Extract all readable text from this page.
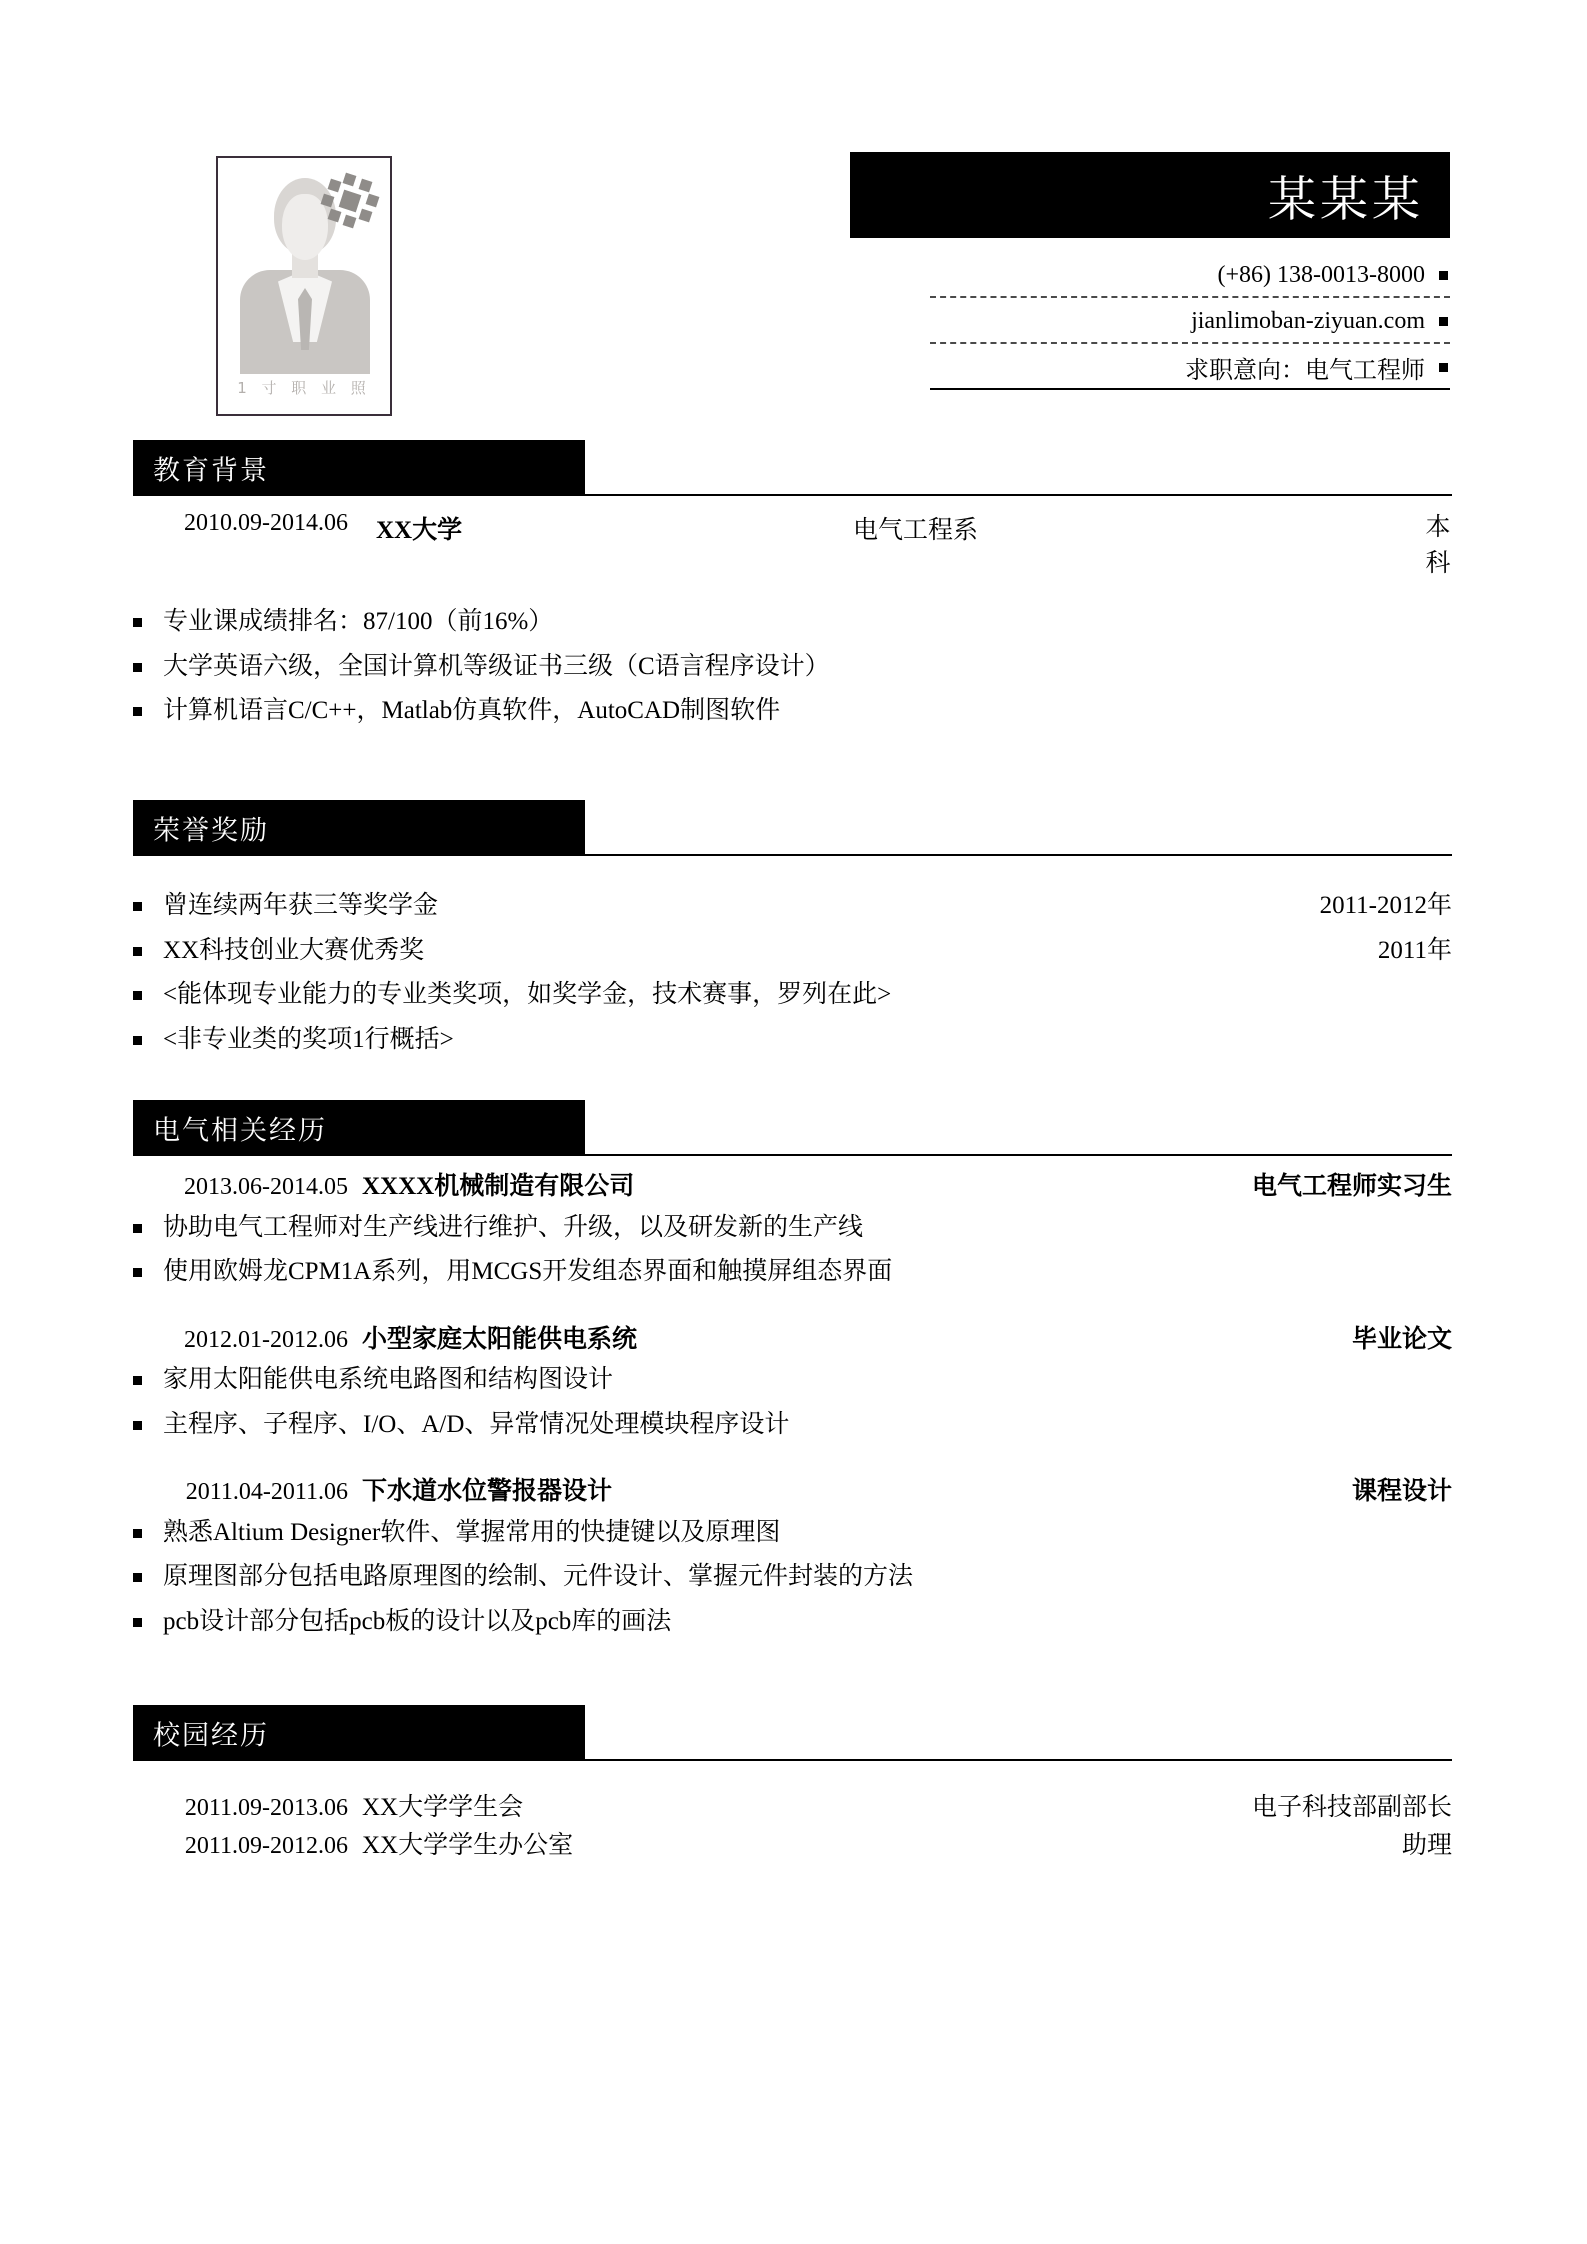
1 寸 职 业 照
某某某
(+86) 138-0013-8000
jianlimoban-ziyuan.com
求职意向：电气工程师
教育背景
2010.09-2014.06	XX大学	电气工程系	本科
专业课成绩排名：87/100（前16%）
大学英语六级，全国计算机等级证书三级（C语言程序设计）
计算机语言C/C++，Matlab仿真软件，AutoCAD制图软件
荣誉奖励
曾连续两年获三等奖学金	2011-2012年
XX科技创业大赛优秀奖	2011年
<能体现专业能力的专业类奖项，如奖学金，技术赛事，罗列在此>
<非专业类的奖项1行概括>
电气相关经历
2013.06-2014.05 XXXX机械制造有限公司	电气工程师实习生
协助电气工程师对生产线进行维护、升级，以及研发新的生产线
使用欧姆龙CPM1A系列，用MCGS开发组态界面和触摸屏组态界面
2012.01-2012.06 小型家庭太阳能供电系统	毕业论文
家用太阳能供电系统电路图和结构图设计
主程序、子程序、I/O、A/D、异常情况处理模块程序设计
2011.04-2011.06 下水道水位警报器设计	课程设计
熟悉Altium Designer软件、掌握常用的快捷键以及原理图
原理图部分包括电路原理图的绘制、元件设计、掌握元件封装的方法
pcb设计部分包括pcb板的设计以及pcb库的画法
校园经历
2011.09-2013.06 XX大学学生会	电子科技部副部长
2011.09-2012.06 XX大学学生办公室	助理
